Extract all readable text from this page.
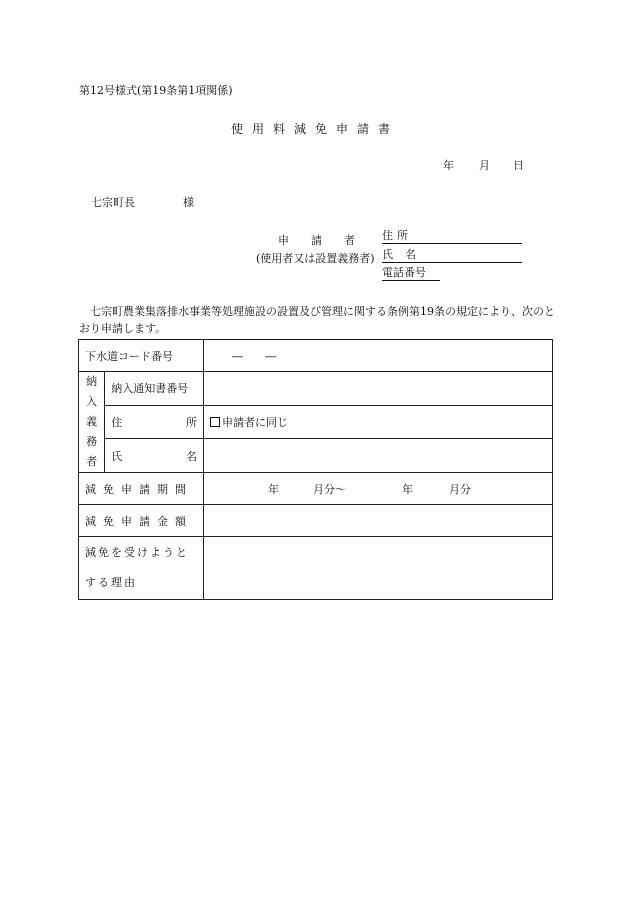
第12号様式(第19条第1項関係)
使用料減免申請書
年 月 日
七宗町長	様
申　　請　　者
(使用者又は設置義務者)
住 所
氏 名
電話番号
七宗町農業集落排水事業等処理施設の設置及び管理に関する条例第19条の規定により、次のとおり申請します。
下水道コード番号		―　　―

納
入
義
務
者	納入通知書番号	

	住 所	申請者に同じ

	氏 名	

減免申請期間		年 月分～ 年 月分
減免申請金額		

減免を受けようと
する理由		
